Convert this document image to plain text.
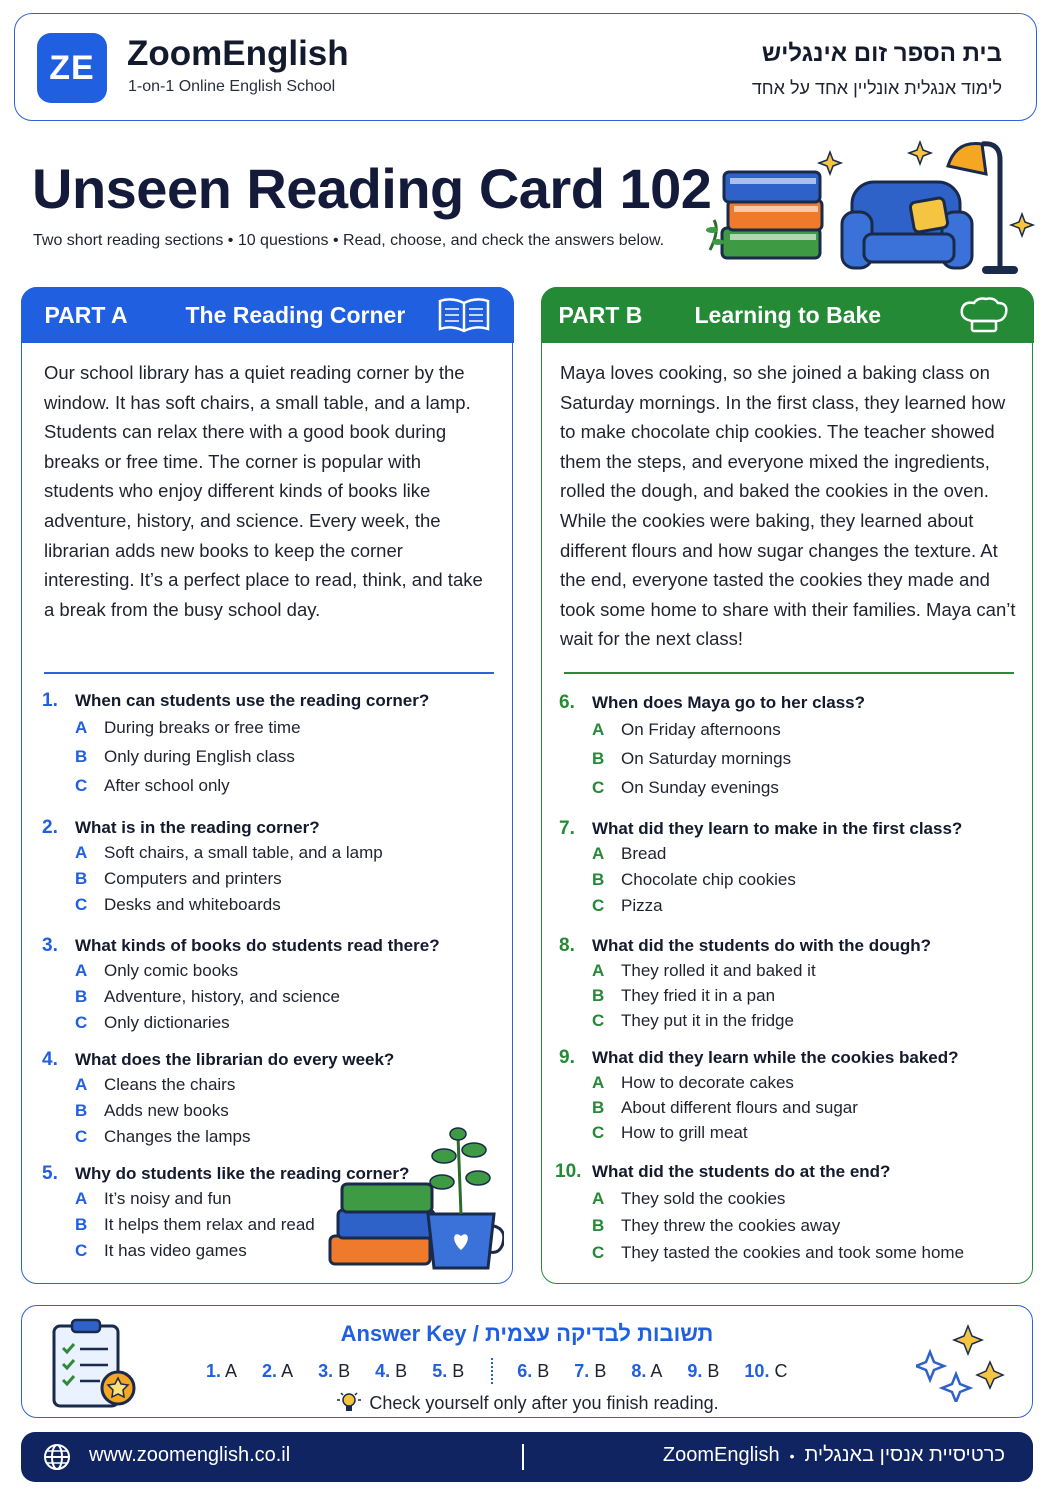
ZE ZoomEnglish
1-on-1 Online English School
בית הספר זום אינגליש
לימוד אנגלית אונליין אחד על אחד
Unseen Reading Card 102
Two short reading sections • 10 questions • Read, choose, and check the answers below.
PART A	The Reading Corner
Our school library has a quiet reading corner by the window. It has soft chairs, a small table, and a lamp. Students can relax there with a good book during breaks or free time. The corner is popular with students who enjoy different kinds of books like adventure, history, and science. Every week, the librarian adds new books to keep the corner interesting. It’s a perfect place to read, think, and take a break from the busy school day.
1.	When can students use the reading corner?
A During breaks or free time
B Only during English class
C After school only
2.	What is in the reading corner?
A Soft chairs, a small table, and a lamp
B Computers and printers
C Desks and whiteboards
3.	What kinds of books do students read there?
A Only comic books
B Adventure, history, and science
C Only dictionaries
4.	What does the librarian do every week?
A Cleans the chairs
B Adds new books
C Changes the lamps
5.	Why do students like the reading corner?
A It’s noisy and fun
B It helps them relax and read
C It has video games
PART B Learning to Bake
Maya loves cooking, so she joined a baking class on Saturday mornings. In the first class, they learned how to make chocolate chip cookies. The teacher showed them the steps, and everyone mixed the ingredients, rolled the dough, and baked the cookies in the oven. While the cookies were baking, they learned about different flours and how sugar changes the texture. At the end, everyone tasted the cookies they made and took some home to share with their families. Maya can’t wait for the next class!
6.	When does Maya go to her class?
A On Friday afternoons
B On Saturday mornings
C On Sunday evenings
7.	What did they learn to make in the first class?
A Bread
B Chocolate chip cookies
C Pizza
8.	What did the students do with the dough?
A They rolled it and baked it
B They fried it in a pan
C They put it in the fridge
9.	What did they learn while the cookies baked?
A How to decorate cakes
B About different flours and sugar
C How to grill meat
10. What did the students do at the end?
A They sold the cookies
B They threw the cookies away
C They tasted the cookies and took some home
Answer Key / תשובות לבדיקה עצמית
1. A 2. A 3. B 4. B 5. B	6. B 7. B 8. A 9. B 10. C
Check yourself only after you finish reading.
www.zoomenglish.co.il	ZoomEnglish • כרטיסיית אנסין באנגלית
